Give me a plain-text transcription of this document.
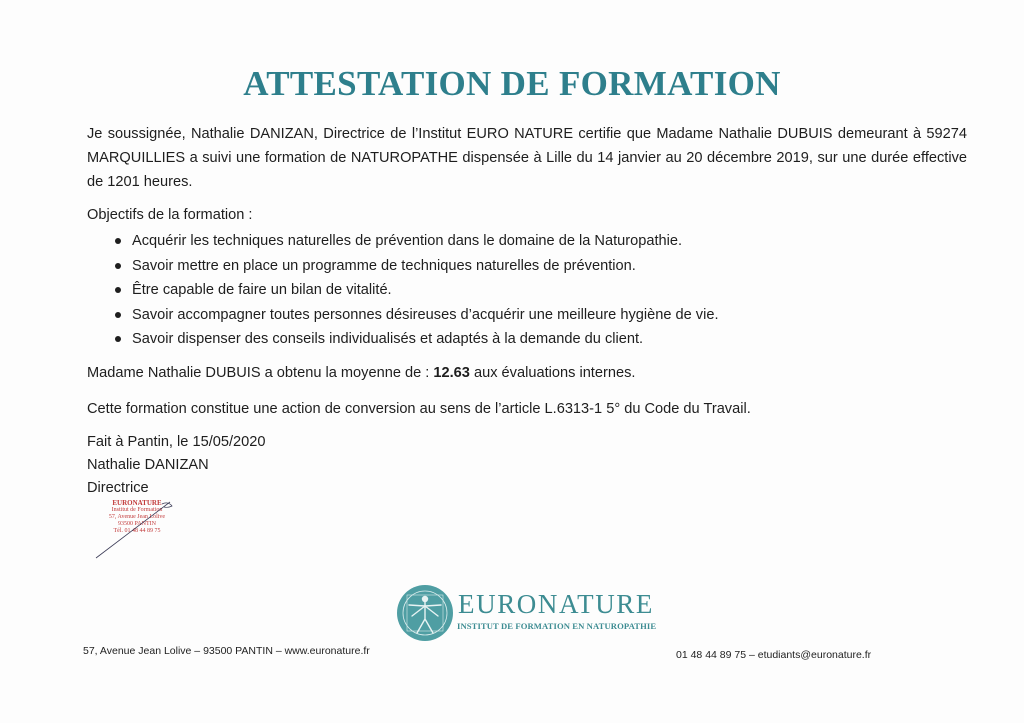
ATTESTATION DE FORMATION
Je soussignée, Nathalie DANIZAN, Directrice de l’Institut EURO NATURE certifie que Madame Nathalie DUBUIS demeurant à 59274 MARQUILLIES a suivi une formation de NATUROPATHE dispensée à Lille du 14 janvier au 20 décembre 2019, sur une durée effective de 1201 heures.
Objectifs de la formation :
Acquérir les techniques naturelles de prévention dans le domaine de la Naturopathie.
Savoir mettre en place un programme de techniques naturelles de prévention.
Être capable de faire un bilan de vitalité.
Savoir accompagner toutes personnes désireuses d’acquérir une meilleure hygiène de vie.
Savoir dispenser des conseils individualisés et adaptés à la demande du client.
Madame Nathalie DUBUIS a obtenu la moyenne de : 12.63 aux évaluations internes.
Cette formation constitue une action de conversion au sens de l’article L.6313-1 5° du Code du Travail.
Fait à Pantin, le 15/05/2020
Nathalie DANIZAN
Directrice
EURONATURE
Institut de Formation
57, Avenue Jean Lolive
93500 PANTIN
Tél. 01 48 44 89 75
EURONATURE
INSTITUT DE FORMATION EN NATUROPATHIE
57, Avenue Jean Lolive – 93500 PANTIN – www.euronature.fr	01 48 44 89 75 – etudiants@euronature.fr
